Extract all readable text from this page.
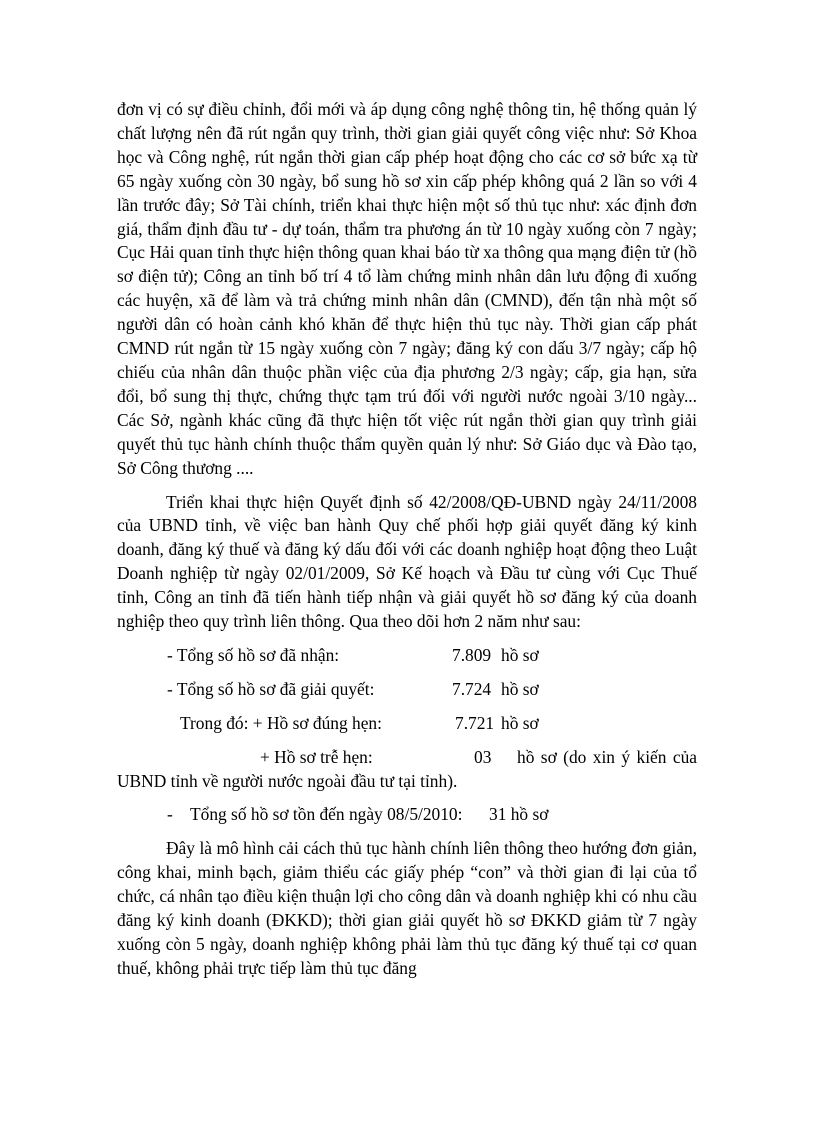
đơn vị có sự điều chỉnh, đổi mới và áp dụng công nghệ thông tin, hệ thống quản lý chất lượng nên đã rút ngắn quy trình, thời gian giải quyết công việc như: Sở Khoa học và Công nghệ, rút ngắn thời gian cấp phép hoạt động cho các cơ sở bức xạ từ 65 ngày xuống còn 30 ngày, bổ sung hồ sơ xin cấp phép không quá 2 lần so với 4 lần trước đây; Sở Tài chính, triển khai thực hiện một số thủ tục như: xác định đơn giá, thẩm định đầu tư - dự toán, thẩm tra phương án từ 10 ngày xuống còn 7 ngày; Cục Hải quan tỉnh thực hiện thông quan khai báo từ xa thông qua mạng điện tử (hồ sơ điện tử); Công an tỉnh bố trí 4 tổ làm chứng minh nhân dân lưu động đi xuống các huyện, xã để làm và trả chứng minh nhân dân (CMND), đến tận nhà một số người dân có hoàn cảnh khó khăn để thực hiện thủ tục này. Thời gian cấp phát CMND rút ngắn từ 15 ngày xuống còn 7 ngày; đăng ký con dấu 3/7 ngày; cấp hộ chiếu của nhân dân thuộc phần việc của địa phương 2/3 ngày; cấp, gia hạn, sửa đổi, bổ sung thị thực, chứng thực tạm trú đối với người nước ngoài 3/10 ngày... Các Sở, ngành khác cũng đã thực hiện tốt việc rút ngắn thời gian quy trình giải quyết thủ tục hành chính thuộc thẩm quyền quản lý như: Sở Giáo dục và Đào tạo, Sở Công thương ....

Triển khai thực hiện Quyết định số 42/2008/QĐ-UBND ngày 24/11/2008 của UBND tỉnh, về việc ban hành Quy chế phối hợp giải quyết đăng ký kinh doanh, đăng ký thuế và đăng ký dấu đối với các doanh nghiệp hoạt động theo Luật Doanh nghiệp từ ngày 02/01/2009, Sở Kế hoạch và Đầu tư cùng với Cục Thuế tỉnh, Công an tỉnh đã tiến hành tiếp nhận và giải quyết hồ sơ đăng ký của doanh nghiệp theo quy trình liên thông. Qua theo dõi hơn 2 năm như sau:

- Tổng số hồ sơ đã nhận:	7.809 hồ sơ
- Tổng số hồ sơ đã giải quyết:	7.724 hồ sơ
Trong đó: + Hồ sơ đúng hẹn:	7.721 hồ sơ
+ Hồ sơ trễ hẹn:	03 hồ sơ (do xin ý kiến của

UBND tỉnh về người nước ngoài đầu tư tại tỉnh).

- Tổng số hồ sơ tồn đến ngày 08/5/2010: 31 hồ sơ

Đây là mô hình cải cách thủ tục hành chính liên thông theo hướng đơn giản, công khai, minh bạch, giảm thiểu các giấy phép “con” và thời gian đi lại của tổ chức, cá nhân tạo điều kiện thuận lợi cho công dân và doanh nghiệp khi có nhu cầu đăng ký kinh doanh (ĐKKD); thời gian giải quyết hồ sơ ĐKKD giảm từ 7 ngày xuống còn 5 ngày, doanh nghiệp không phải làm thủ tục đăng ký thuế tại cơ quan thuế, không phải trực tiếp làm thủ tục đăng
